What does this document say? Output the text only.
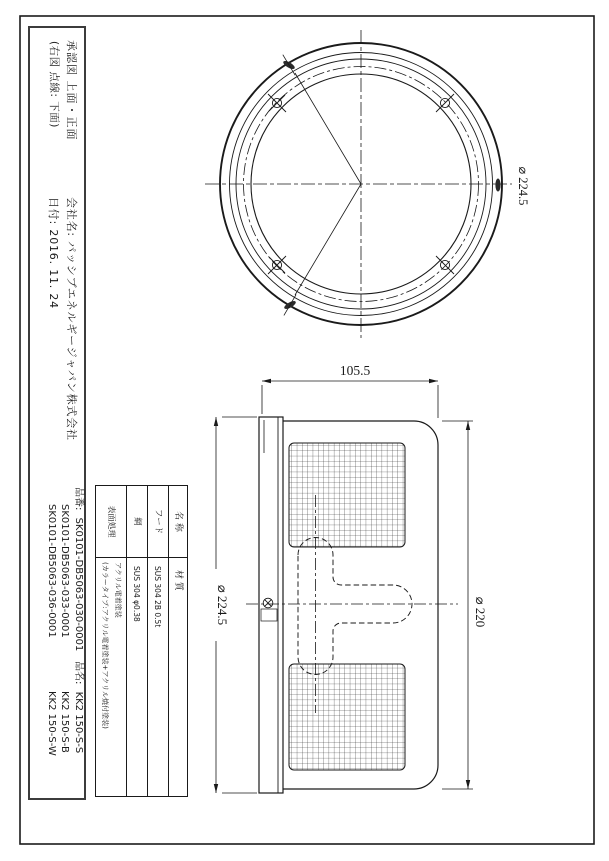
承認図 上面・正面
(右図 点線: 下面)
会社名: パッシブエネルギージャパン株式会社
日付: 2016. 11. 24
品番: SK0101-DB5063-030-0001
SK0101-DB5063-033-0001
SK0101-DB5063-036-0001
品名: KK2 150-S-S
KK2 150-S-B
KK2 150-S-W
名 称
材 質
フード
SUS 304 2B 0.5t
網
SUS 304 φ0.38
表面処理
アクリル電着塗装
(カラータイプ:アクリル電着塗装+アクリル焼付塗装)
⌀ 224.5
105.5
⌀ 224.5	⌀ 220
